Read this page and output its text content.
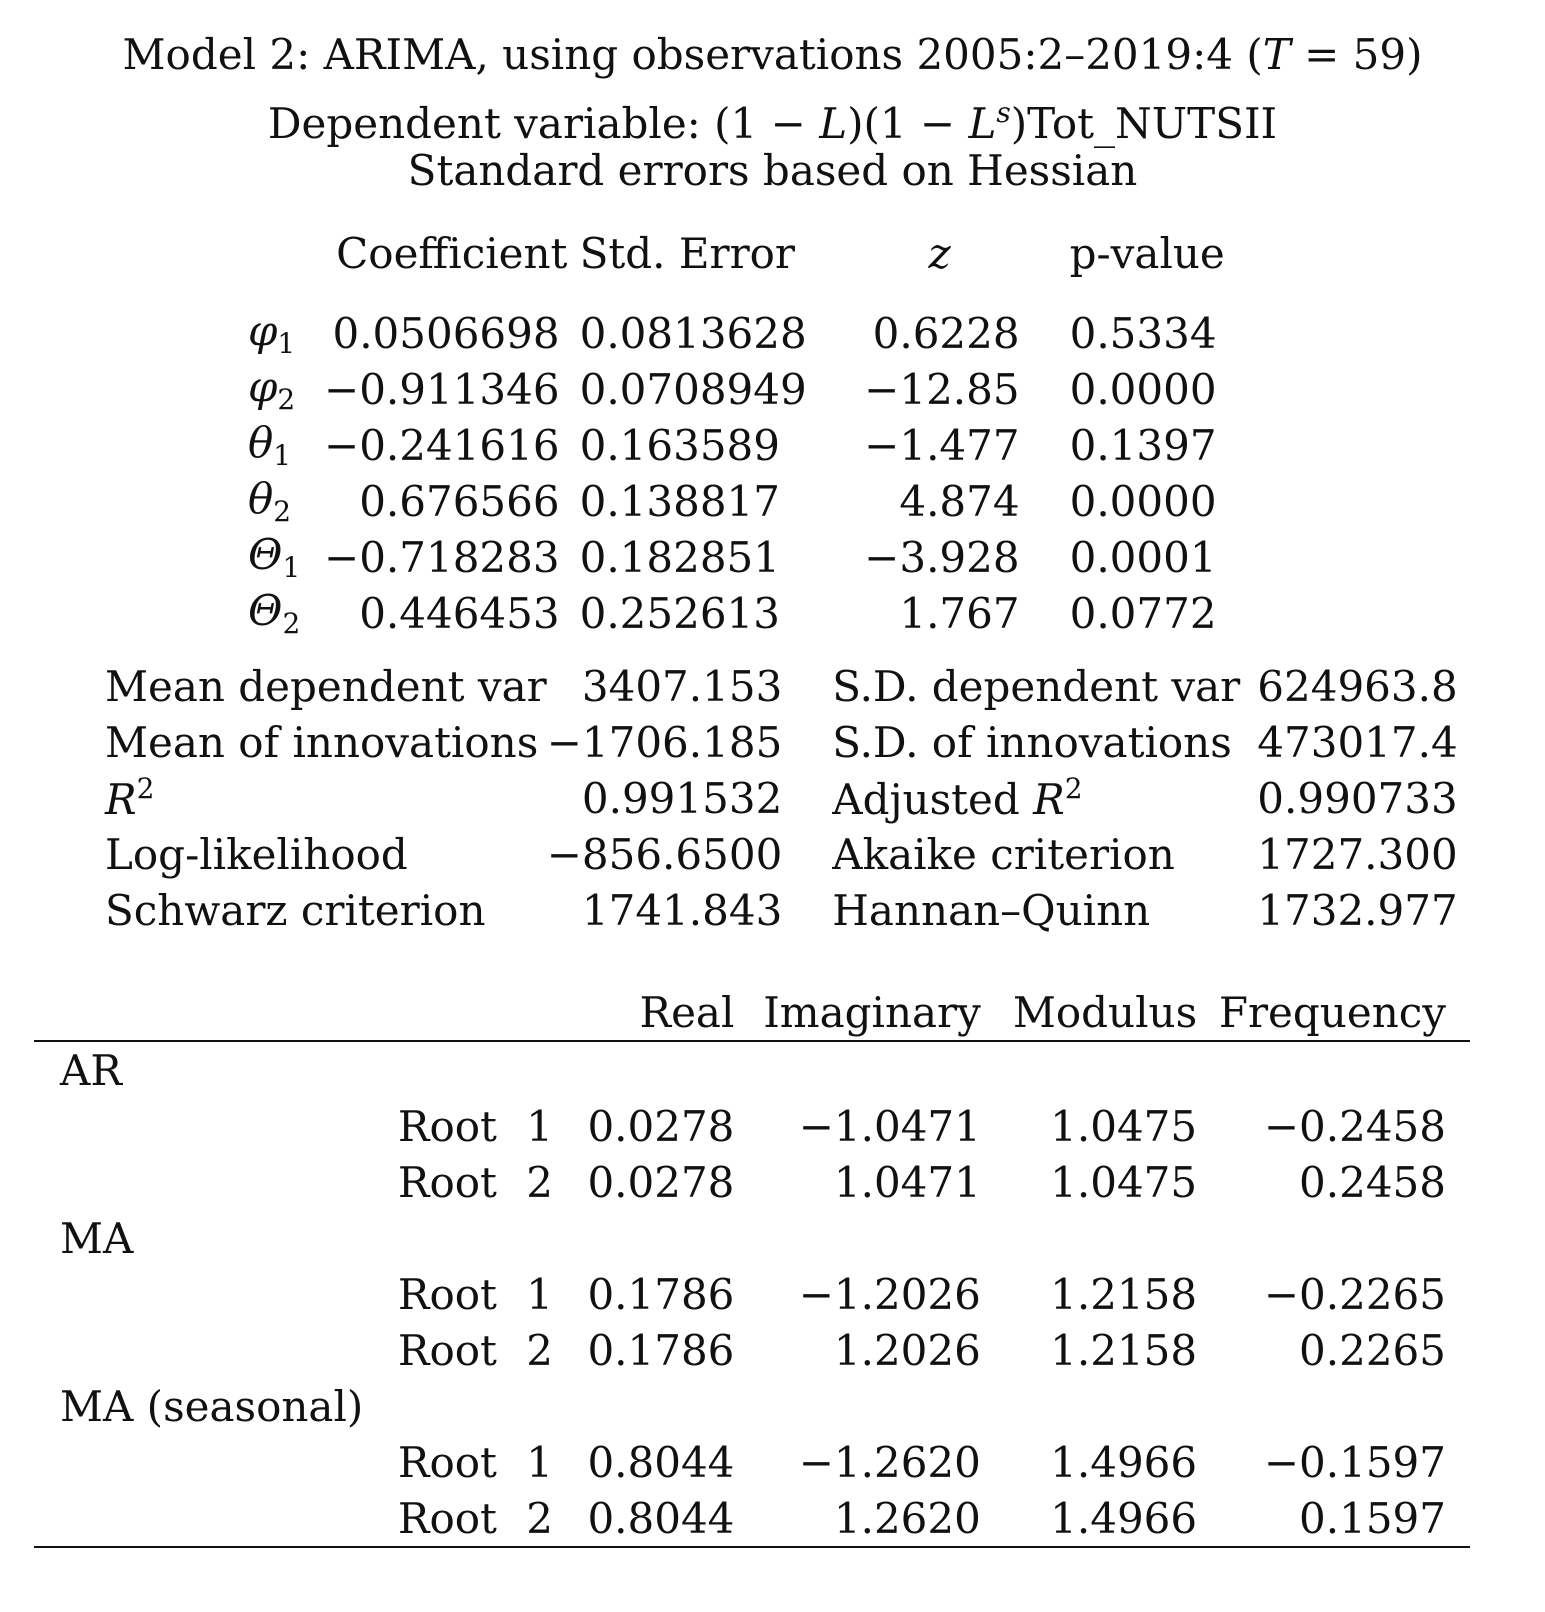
Model 2: ARIMA, using observations 2005:2–2019:4 (T = 59)
Dependent variable: $(1 - L)(1 - L^s)Tot\_NUTSII$
Standard errors based on Hessian
	Coefficient	Std. Error	z	p-value
$\varphi_1$	0.0506698	0.0813628	0.6228	0.5334
$\varphi_2$	−0.911346	0.0708949	−12.85	0.0000
$\theta_1$	−0.241616	0.163589	−1.477	0.1397
$\theta_2$	0.676566	0.138817	4.874	0.0000
$\Theta_1$	−0.718283	0.182851	−3.928	0.0001
$\Theta_2$	0.446453	0.252613	1.767	0.0772
Mean dependent var	3407.153	S.D. dependent var	624963.8
Mean of innovations	−1706.185	S.D. of innovations	473017.4
$R^2$	0.991532	Adjusted $R^2$	0.990733
Log-likelihood	−856.6500	Akaike criterion	1727.300
Schwarz criterion	1741.843	Hannan–Quinn	1732.977
			Real	Imaginary	Modulus	Frequency
AR						
	Root	1	0.0278	−1.0471	1.0475	−0.2458
	Root	2	0.0278	1.0471	1.0475	0.2458
MA						
	Root	1	0.1786	−1.2026	1.2158	−0.2265
	Root	2	0.1786	1.2026	1.2158	0.2265
MA (seasonal)						
	Root	1	0.8044	−1.2620	1.4966	−0.1597
	Root	2	0.8044	1.2620	1.4966	0.1597
